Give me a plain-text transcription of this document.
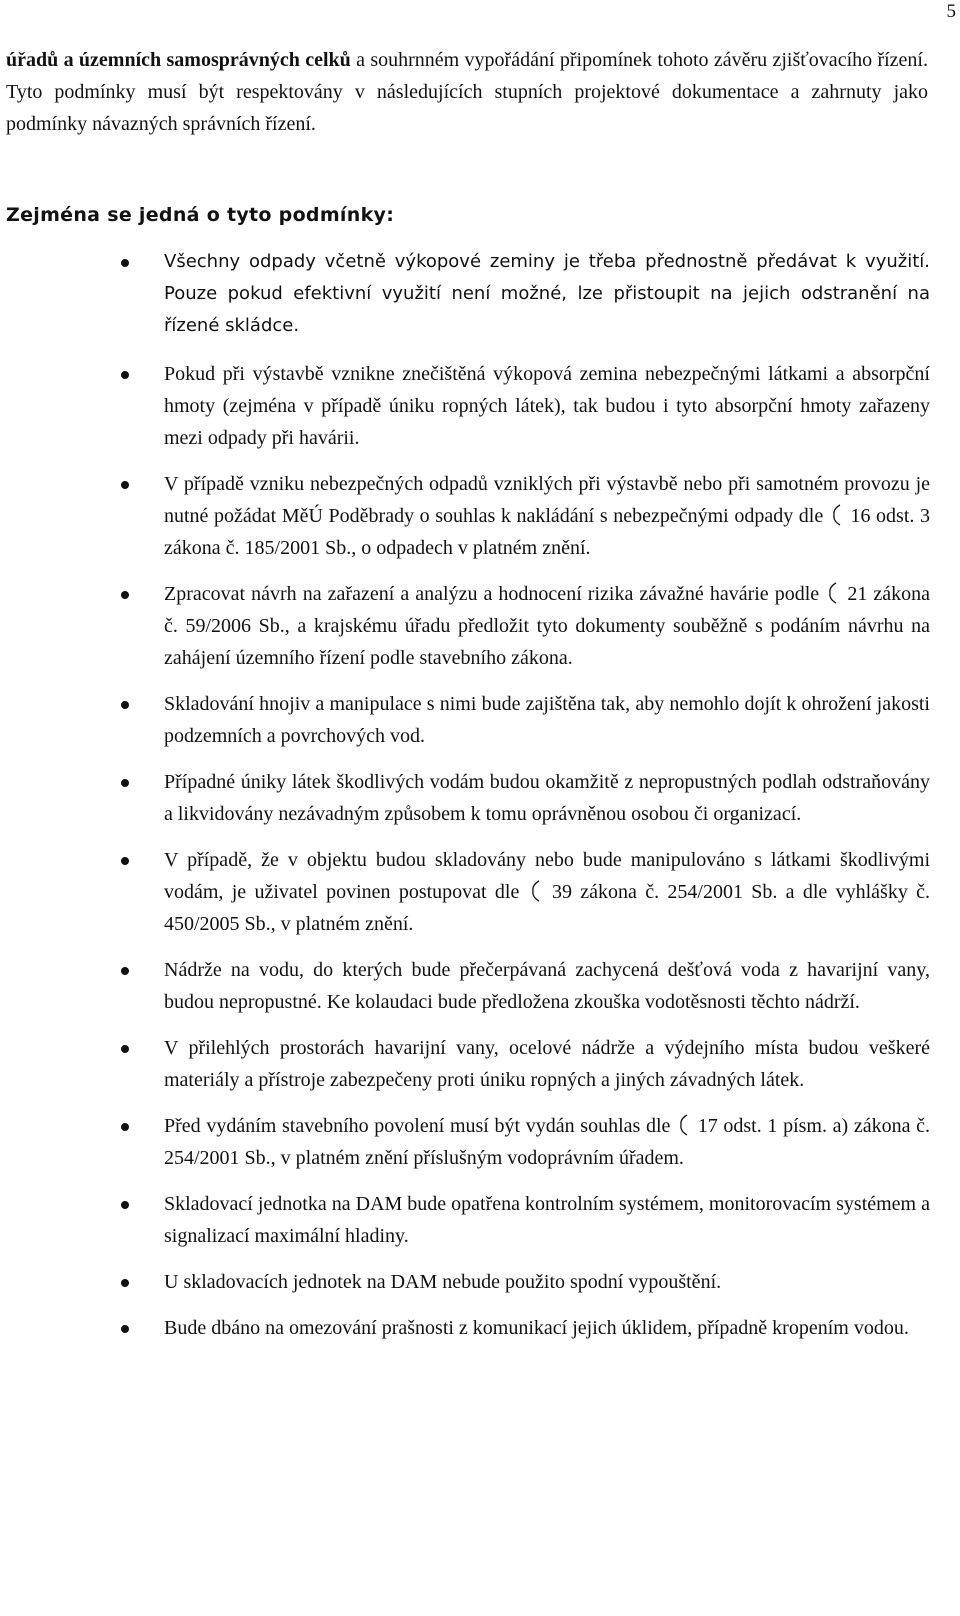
5

úřadů a územních samosprávných celků a souhrnném vypořádání připomínek tohoto závěru zjišťovacího řízení. Tyto podmínky musí být respektovány v následujících stupních projektové dokumentace a zahrnuty jako podmínky návazných správních řízení.

Zejména se jedná o tyto podmínky:
Všechny odpady včetně výkopové zeminy je třeba přednostně předávat k využití. Pouze pokud efektivní využití není možné, lze přistoupit na jejich odstranění na řízené skládce.
Pokud při výstavbě vznikne znečištěná výkopová zemina nebezpečnými látkami a absorpční hmoty (zejména v případě úniku ropných látek), tak budou i tyto absorpční hmoty zařazeny mezi odpady při havárii.
V případě vzniku nebezpečných odpadů vzniklých při výstavbě nebo při samotném provozu je nutné požádat MěÚ Poděbrady o souhlas k nakládání s nebezpečnými odpady dle 16 odst. 3 zákona č. 185/2001 Sb., o odpadech v platném znění.
Zpracovat návrh na zařazení a analýzu a hodnocení rizika závažné havárie podle 21 zákona č. 59/2006 Sb., a krajskému úřadu předložit tyto dokumenty souběžně s podáním návrhu na zahájení územního řízení podle stavebního zákona.
Skladování hnojiv a manipulace s nimi bude zajištěna tak, aby nemohlo dojít k ohrožení jakosti podzemních a povrchových vod.
Případné úniky látek škodlivých vodám budou okamžitě z nepropustných podlah odstraňovány a likvidovány nezávadným způsobem k tomu oprávněnou osobou či organizací.
V případě, že v objektu budou skladovány nebo bude manipulováno s látkami škodlivými vodám, je uživatel povinen postupovat dle 39 zákona č. 254/2001 Sb. a dle vyhlášky č. 450/2005 Sb., v platném znění.
Nádrže na vodu, do kterých bude přečerpávaná zachycená dešťová voda z havarijní vany, budou nepropustné. Ke kolaudaci bude předložena zkouška vodotěsnosti těchto nádrží.
V přilehlých prostorách havarijní vany, ocelové nádrže a výdejního místa budou veškeré materiály a přístroje zabezpečeny proti úniku ropných a jiných závadných látek.
Před vydáním stavebního povolení musí být vydán souhlas dle 17 odst. 1 písm. a) zákona č. 254/2001 Sb., v platném znění příslušným vodoprávním úřadem.
Skladovací jednotka na DAM bude opatřena kontrolním systémem, monitorovacím systémem a signalizací maximální hladiny.
U skladovacích jednotek na DAM nebude použito spodní vypouštění.
Bude dbáno na omezování prašnosti z komunikací jejich úklidem, případně kropením vodou.
